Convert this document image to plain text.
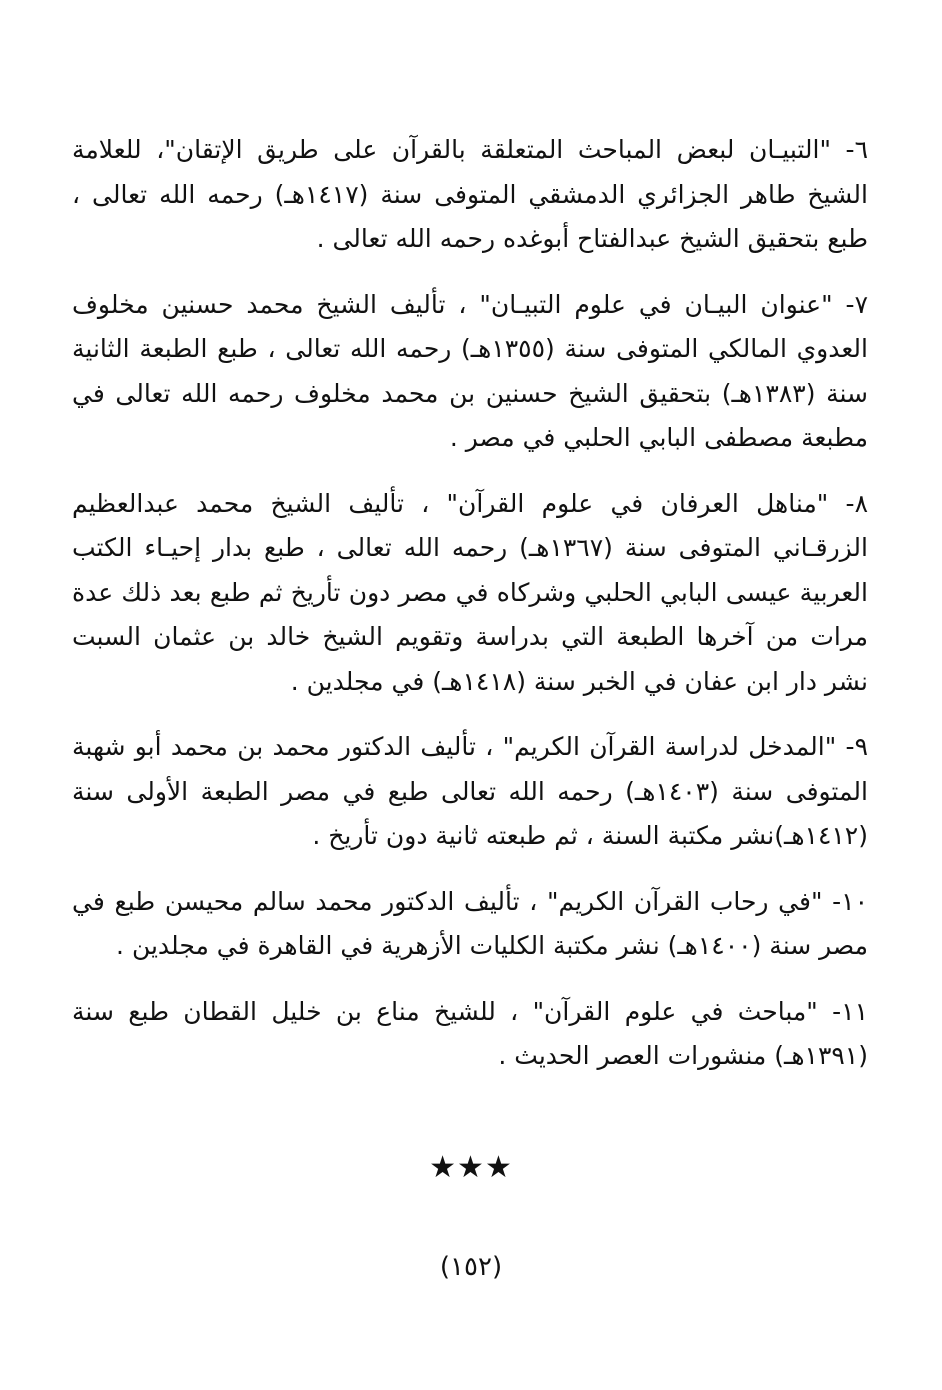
٦- "التبيـان لبعض المباحث المتعلقة بالقرآن على طريق الإتقان"، للعلامة الشيخ طاهر الجزائري الدمشقي المتوفى سنة (١٤١٧هـ) رحمه الله تعالى ، طبع بتحقيق الشيخ عبدالفتاح أبوغده رحمه الله تعالى .

٧- "عنوان البيـان في علوم التبيـان" ، تأليف الشيخ محمد حسنين مخلوف العدوي المالكي المتوفى سنة (١٣٥٥هـ) رحمه الله تعالى ، طبع الطبعة الثانية سنة (١٣٨٣هـ) بتحقيق الشيخ حسنين بن محمد مخلوف رحمه الله تعالى في مطبعة مصطفى البابي الحلبي في مصر .

٨- "مناهل العرفان في علوم القرآن" ، تأليف الشيخ محمد عبدالعظيم الزرقـاني المتوفى سنة (١٣٦٧هـ) رحمه الله تعالى ، طبع بدار إحيـاء الكتب العربية عيسى البابي الحلبي وشركاه في مصر دون تأريخ ثم طبع بعد ذلك عدة مرات من آخرها الطبعة التي بدراسة وتقويم الشيخ خالد بن عثمان السبت نشر دار ابن عفان في الخبر سنة (١٤١٨هـ) في مجلدين .

٩- "المدخل لدراسة القرآن الكريم" ، تأليف الدكتور محمد بن محمد أبو شهبة المتوفى سنة (١٤٠٣هـ) رحمه الله تعالى طبع في مصر الطبعة الأولى سنة (١٤١٢هـ)نشر مكتبة السنة ، ثم طبعته ثانية دون تأريخ .

١٠- "في رحاب القرآن الكريم" ، تأليف الدكتور محمد سالم محيسن طبع في مصر سنة (١٤٠٠هـ) نشر مكتبة الكليات الأزهرية في القاهرة في مجلدين .

١١- "مباحث في علوم القرآن" ، للشيخ مناع بن خليل القطان طبع سنة (١٣٩١هـ) منشورات العصر الحديث .

★★★
(١٥٢)
